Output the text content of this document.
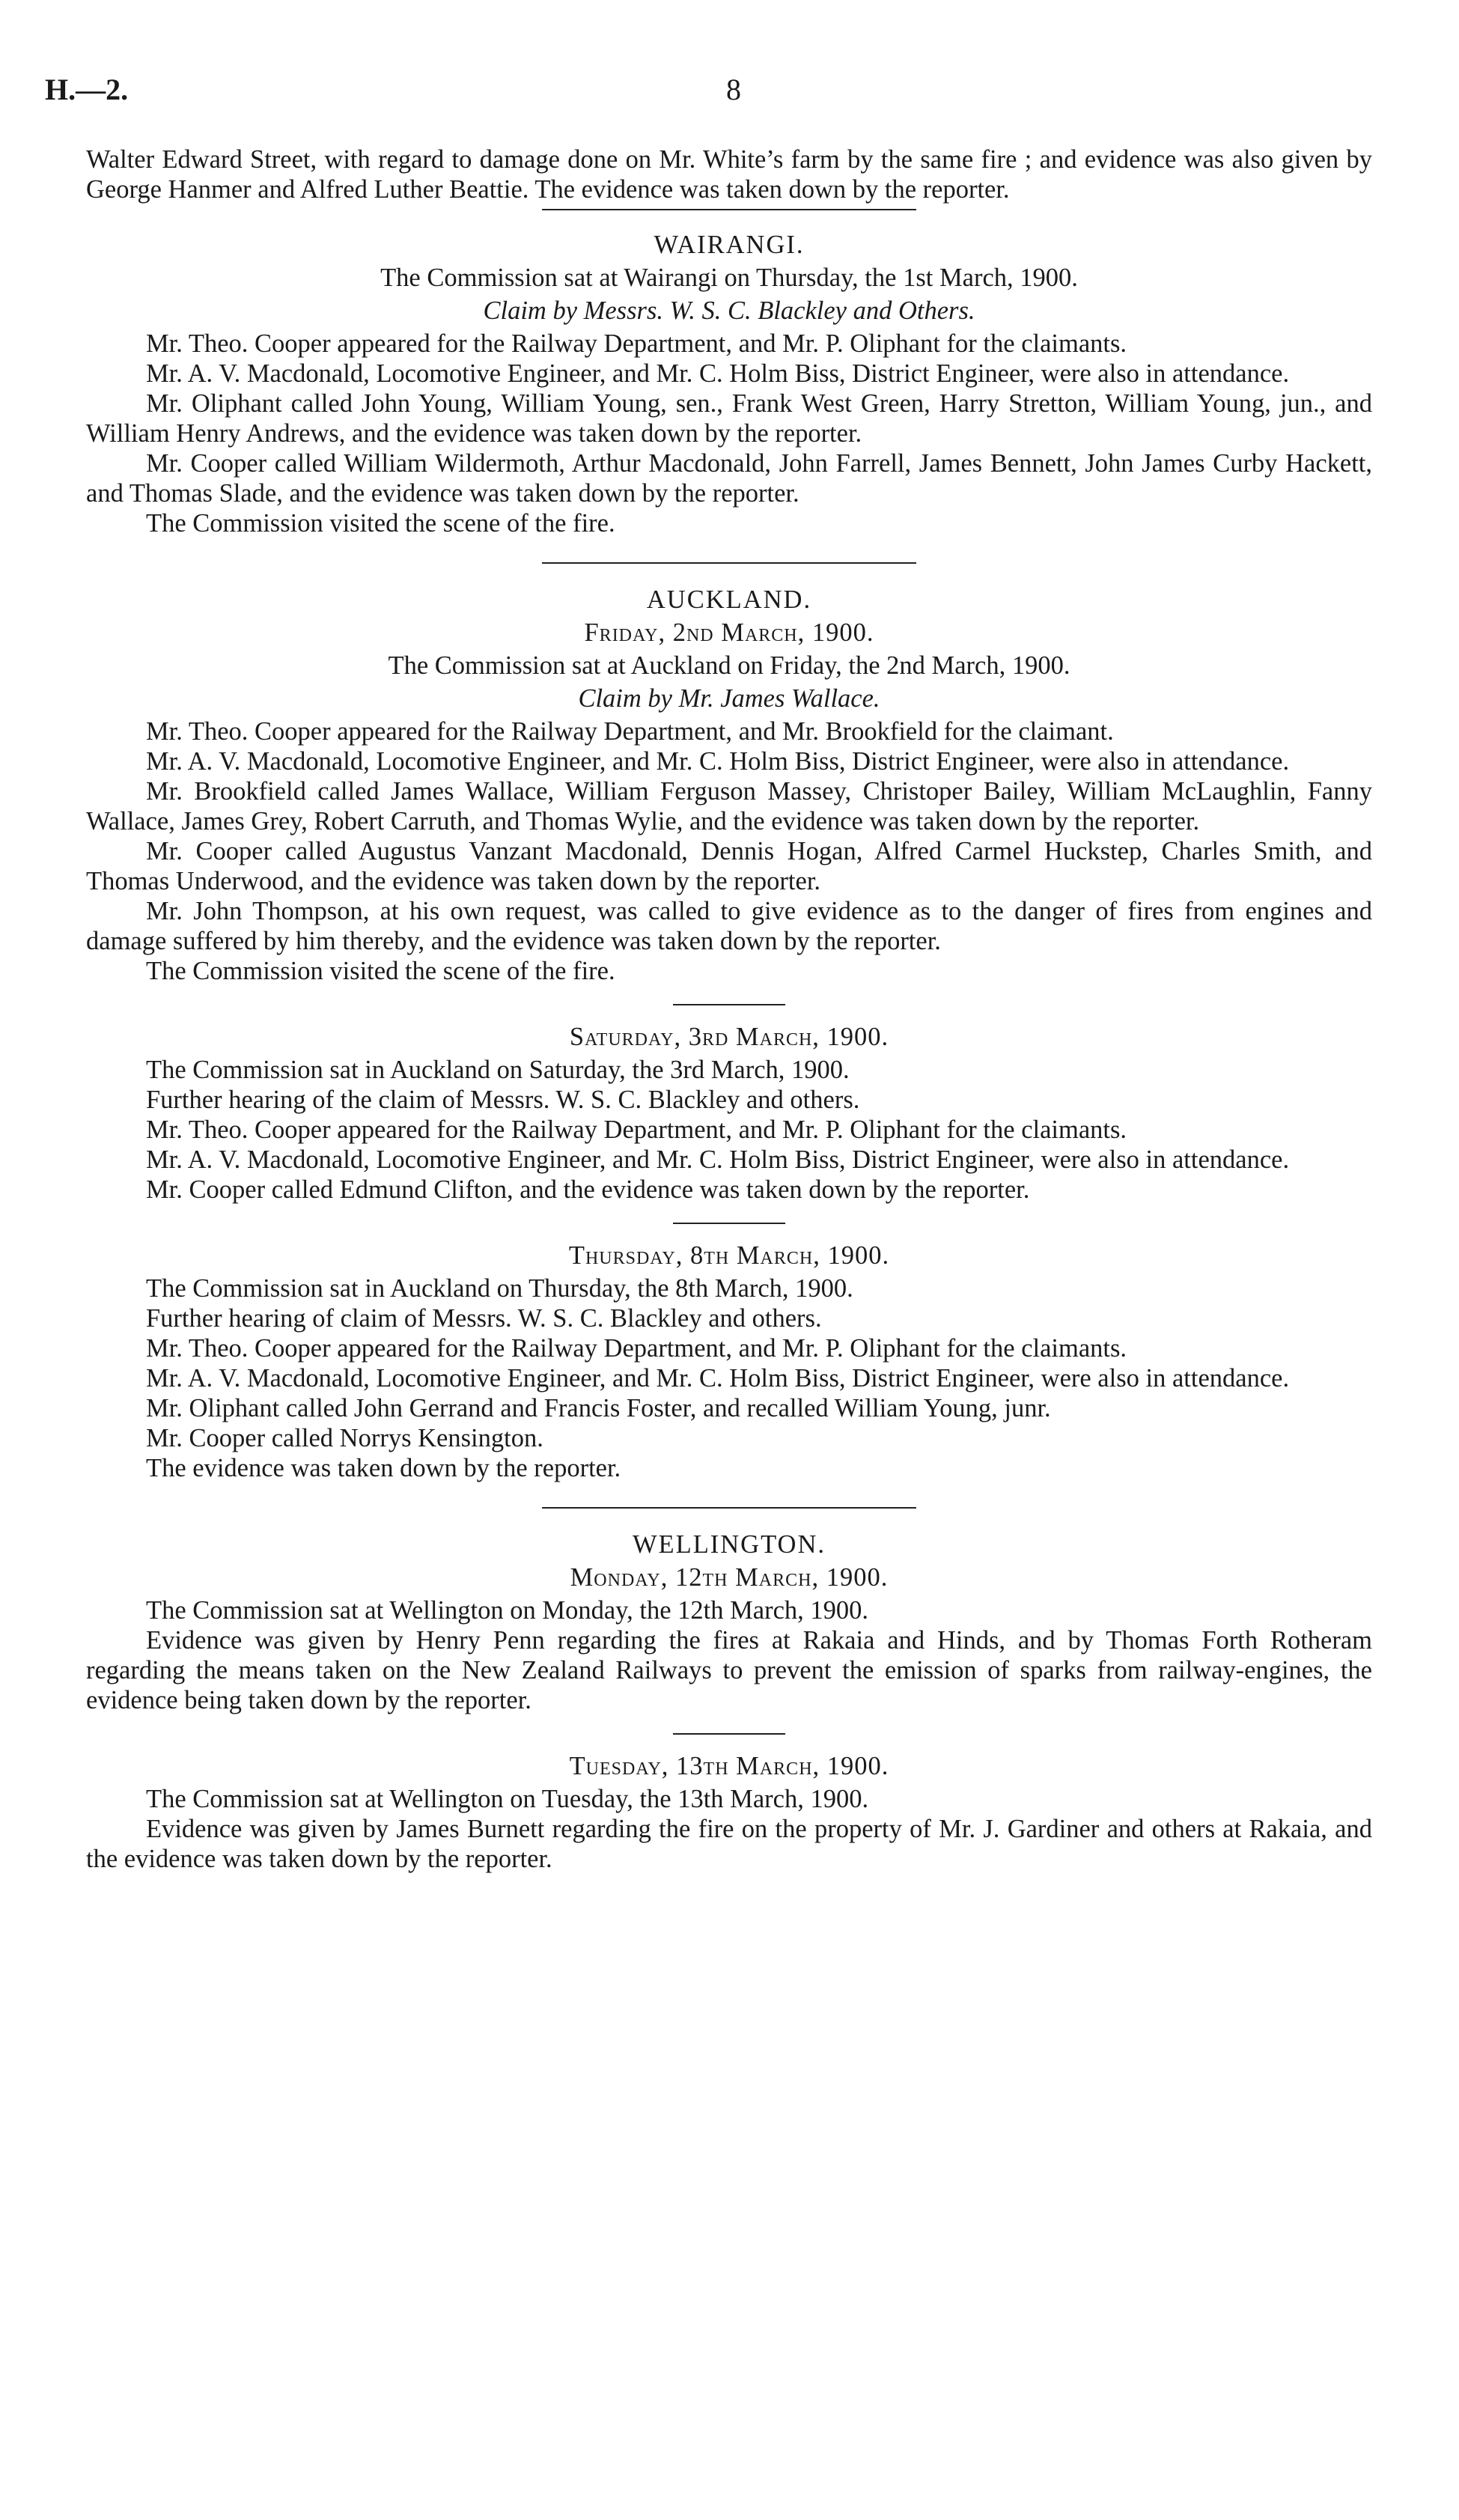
H.—2.	8

Walter Edward Street, with regard to damage done on Mr. White’s farm by the same fire ; and evidence was also given by George Hanmer and Alfred Luther Beattie. The evidence was taken down by the reporter.

WAIRANGI.

The Commission sat at Wairangi on Thursday, the 1st March, 1900.

Claim by Messrs. W. S. C. Blackley and Others.

Mr. Theo. Cooper appeared for the Railway Department, and Mr. P. Oliphant for the claimants.

Mr. A. V. Macdonald, Locomotive Engineer, and Mr. C. Holm Biss, District Engineer, were also in attendance.

Mr. Oliphant called John Young, William Young, sen., Frank West Green, Harry Stretton, William Young, jun., and William Henry Andrews, and the evidence was taken down by the reporter.

Mr. Cooper called William Wildermoth, Arthur Macdonald, John Farrell, James Bennett, John James Curby Hackett, and Thomas Slade, and the evidence was taken down by the reporter.

The Commission visited the scene of the fire.

AUCKLAND.

Friday, 2nd March, 1900.

The Commission sat at Auckland on Friday, the 2nd March, 1900.

Claim by Mr. James Wallace.

Mr. Theo. Cooper appeared for the Railway Department, and Mr. Brookfield for the claimant.

Mr. A. V. Macdonald, Locomotive Engineer, and Mr. C. Holm Biss, District Engineer, were also in attendance.

Mr. Brookfield called James Wallace, William Ferguson Massey, Christoper Bailey, William McLaughlin, Fanny Wallace, James Grey, Robert Carruth, and Thomas Wylie, and the evidence was taken down by the reporter.

Mr. Cooper called Augustus Vanzant Macdonald, Dennis Hogan, Alfred Carmel Huckstep, Charles Smith, and Thomas Underwood, and the evidence was taken down by the reporter.

Mr. John Thompson, at his own request, was called to give evidence as to the danger of fires from engines and damage suffered by him thereby, and the evidence was taken down by the reporter.

The Commission visited the scene of the fire.

Saturday, 3rd March, 1900.

The Commission sat in Auckland on Saturday, the 3rd March, 1900.

Further hearing of the claim of Messrs. W. S. C. Blackley and others.

Mr. Theo. Cooper appeared for the Railway Department, and Mr. P. Oliphant for the claimants.

Mr. A. V. Macdonald, Locomotive Engineer, and Mr. C. Holm Biss, District Engineer, were also in attendance.

Mr. Cooper called Edmund Clifton, and the evidence was taken down by the reporter.

Thursday, 8th March, 1900.

The Commission sat in Auckland on Thursday, the 8th March, 1900.

Further hearing of claim of Messrs. W. S. C. Blackley and others.

Mr. Theo. Cooper appeared for the Railway Department, and Mr. P. Oliphant for the claimants.

Mr. A. V. Macdonald, Locomotive Engineer, and Mr. C. Holm Biss, District Engineer, were also in attendance.

Mr. Oliphant called John Gerrand and Francis Foster, and recalled William Young, junr.

Mr. Cooper called Norrys Kensington.

The evidence was taken down by the reporter.

WELLINGTON.

Monday, 12th March, 1900.

The Commission sat at Wellington on Monday, the 12th March, 1900.

Evidence was given by Henry Penn regarding the fires at Rakaia and Hinds, and by Thomas Forth Rotheram regarding the means taken on the New Zealand Railways to prevent the emission of sparks from railway-engines, the evidence being taken down by the reporter.

Tuesday, 13th March, 1900.

The Commission sat at Wellington on Tuesday, the 13th March, 1900.

Evidence was given by James Burnett regarding the fire on the property of Mr. J. Gardiner and others at Rakaia, and the evidence was taken down by the reporter.
